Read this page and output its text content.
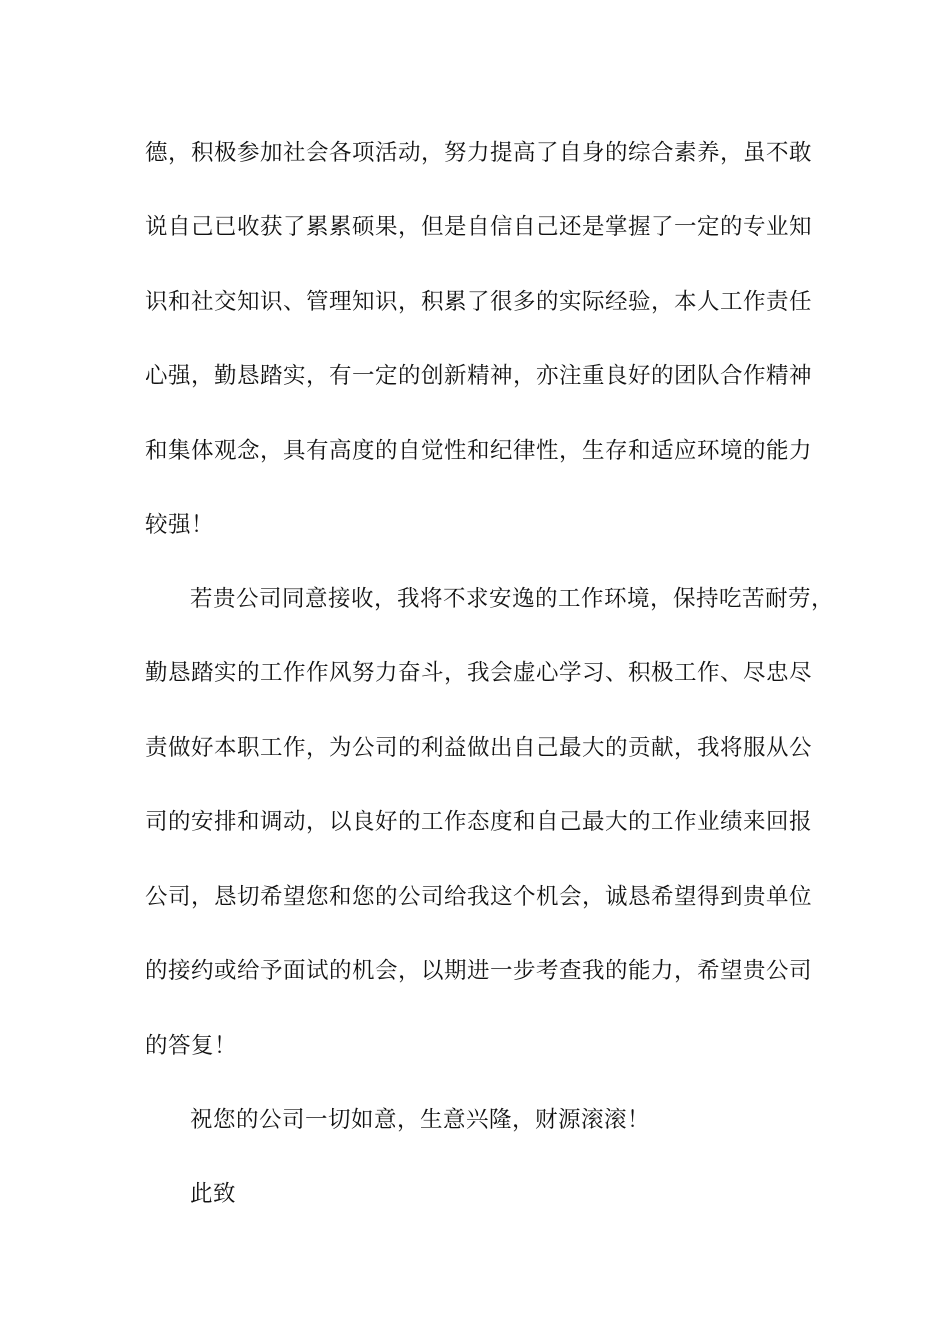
德，积极参加社会各项活动，努力提高了自身的综合素养，虽不敢

说自己已收获了累累硕果，但是自信自己还是掌握了一定的专业知

识和社交知识、管理知识，积累了很多的实际经验，本人工作责任

心强，勤恳踏实，有一定的创新精神，亦注重良好的团队合作精神

和集体观念，具有高度的自觉性和纪律性，生存和适应环境的能力

较强！

若贵公司同意接收，我将不求安逸的工作环境，保持吃苦耐劳，

勤恳踏实的工作作风努力奋斗，我会虚心学习、积极工作、尽忠尽

责做好本职工作，为公司的利益做出自己最大的贡献，我将服从公

司的安排和调动，以良好的工作态度和自己最大的工作业绩来回报

公司，恳切希望您和您的公司给我这个机会，诚恳希望得到贵单位

的接约或给予面试的机会，以期进一步考查我的能力，希望贵公司

的答复！

祝您的公司一切如意，生意兴隆，财源滚滚！

此致
